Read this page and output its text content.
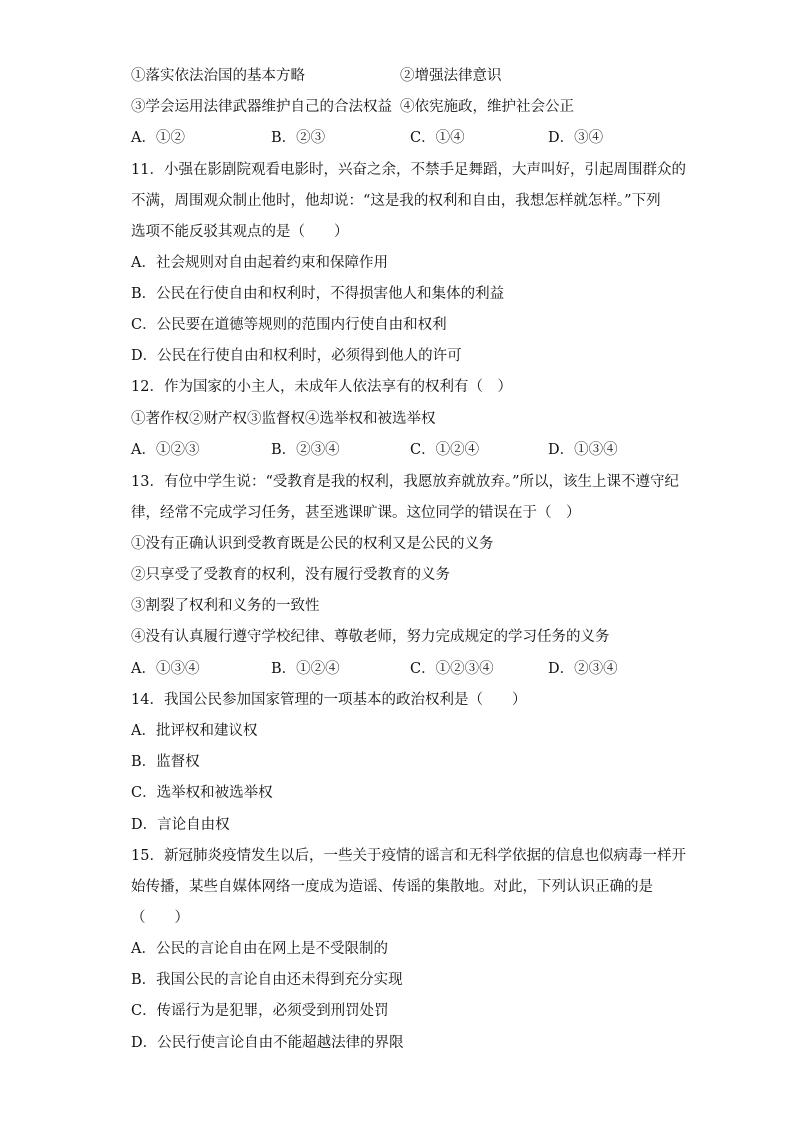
①落实依法治国的基本方略	②增强法律意识
③学会运用法律武器维护自己的合法权益 ④依宪施政，维护社会公正
A．①②	B．②③	C．①④	D．③④
11．小强在影剧院观看电影时，兴奋之余，不禁手足舞蹈，大声叫好，引起周围群众的
不满，周围观众制止他时，他却说：“这是我的权利和自由，我想怎样就怎样。”下列
选项不能反驳其观点的是（　　）
A．社会规则对自由起着约束和保障作用
B．公民在行使自由和权利时，不得损害他人和集体的利益
C．公民要在道德等规则的范围内行使自由和权利
D．公民在行使自由和权利时，必须得到他人的许可
12．作为国家的小主人，未成年人依法享有的权利有（　）
①著作权②财产权③监督权④选举权和被选举权
A．①②③	B．②③④	C．①②④	D．①③④
13．有位中学生说：“受教育是我的权利，我愿放弃就放弃。”所以，该生上课不遵守纪
律，经常不完成学习任务，甚至逃课旷课。这位同学的错误在于（　）
①没有正确认识到受教育既是公民的权利又是公民的义务
②只享受了受教育的权利，没有履行受教育的义务
③割裂了权利和义务的一致性
④没有认真履行遵守学校纪律、尊敬老师，努力完成规定的学习任务的义务
A．①③④	B．①②④	C．①②③④	D．②③④
14．我国公民参加国家管理的一项基本的政治权利是（　　）
A．批评权和建议权
B．监督权
C．选举权和被选举权
D．言论自由权
15．新冠肺炎疫情发生以后，一些关于疫情的谣言和无科学依据的信息也似病毒一样开
始传播，某些自媒体网络一度成为造谣、传谣的集散地。对此，下列认识正确的是
（　　）
A．公民的言论自由在网上是不受限制的
B．我国公民的言论自由还未得到充分实现
C．传谣行为是犯罪，必须受到刑罚处罚
D．公民行使言论自由不能超越法律的界限
